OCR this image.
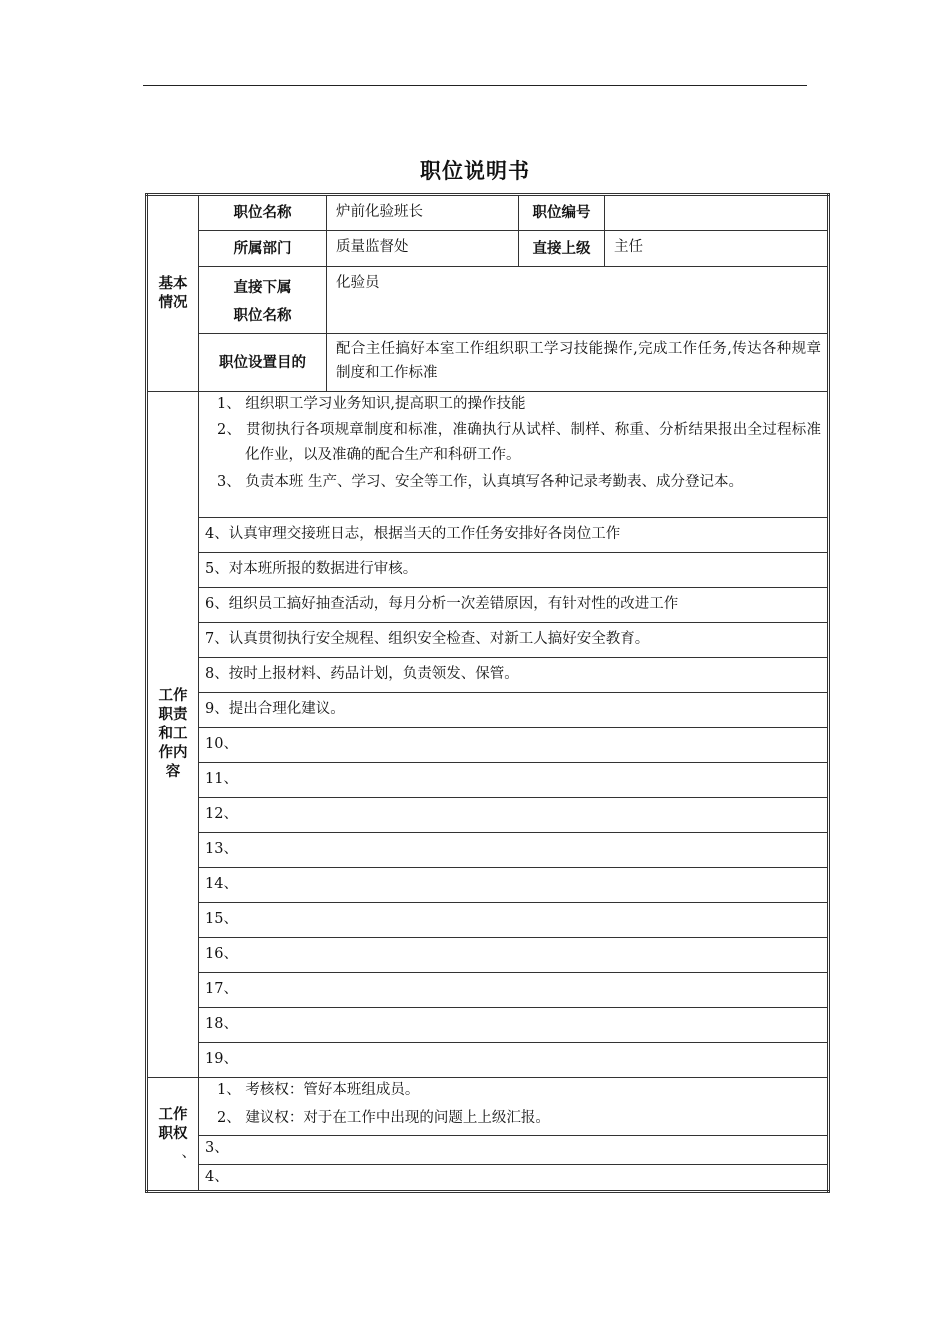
职位说明书
基本
情况	职位名称	炉前化验班长	职位编号	
	所属部门	质量监督处	直接上级	主任
	直接下属	化验员		
	职位名称			
	职位设置目的	配合主任搞好本室工作组织职工学习技能操作,完成工作任务,传达各种规章制度和工作标准		
工作
职责
和工
作内
容	1、 组织职工学习业务知识,提高职工的操作技能			

	2、 贯彻执行各项规章制度和标准，准确执行从试样、制样、称重、分析结果报出全过程标准化作业，以及准确的配合生产和科研工作。			

	3、 负责本班 生产、学习、安全等工作，认真填写各种记录考勤表、成分登记本。			

	4、认真审理交接班日志，根据当天的工作任务安排好各岗位工作			
	5、对本班所报的数据进行审核。			
	6、组织员工搞好抽查活动，每月分析一次差错原因，有针对性的改进工作			
	7、认真贯彻执行安全规程、组织安全检查、对新工人搞好安全教育。			
	8、按时上报材料、药品计划，负责领发、保管。			
	9、提出合理化建议。			
	10、			
	11、			
	12、			
	13、			
	14、			
	15、			
	16、			
	17、			
	18、			
	19、			
工作
职权
、	1、 考核权：管好本班组成员。			
	2、 建议权：对于在工作中出现的问题上上级汇报。			
	3、			
	4、			
